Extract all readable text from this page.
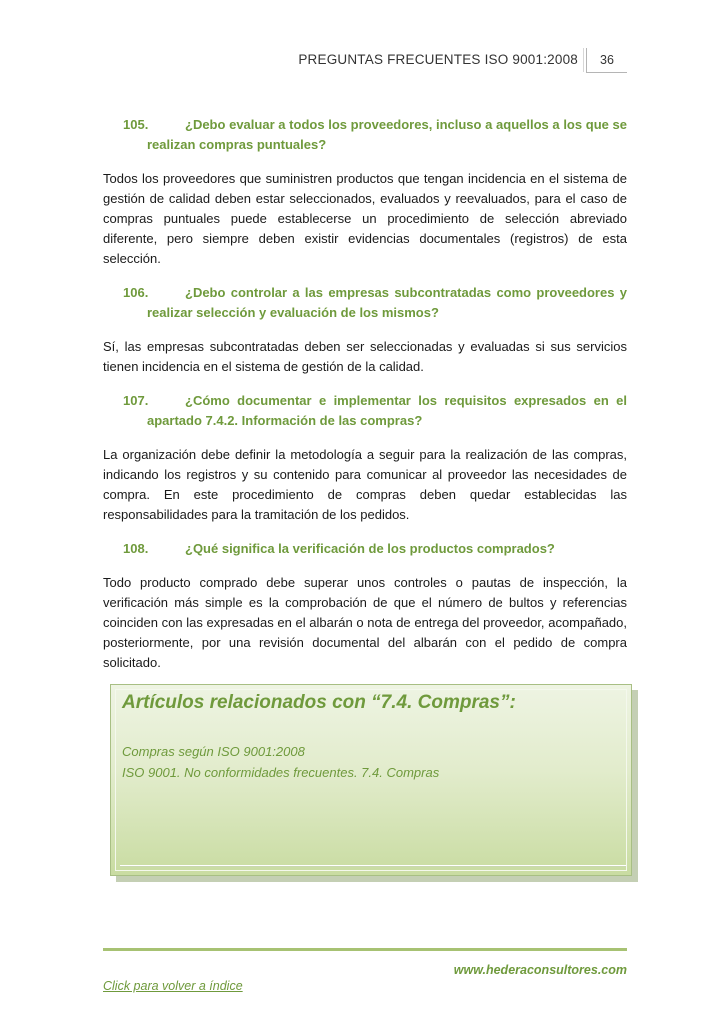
PREGUNTAS FRECUENTES ISO 9001:2008	36
105.	¿Debo evaluar a todos los proveedores, incluso a aquellos a los que se realizan compras puntuales?
Todos los proveedores que suministren productos que tengan incidencia en el sistema de gestión de calidad deben estar seleccionados, evaluados y reevaluados, para el caso de compras puntuales puede establecerse un procedimiento de selección abreviado diferente, pero siempre deben existir evidencias documentales (registros) de esta selección.
106.	¿Debo controlar a las empresas subcontratadas como proveedores y realizar selección y evaluación de los mismos?
Sí, las empresas subcontratadas deben ser seleccionadas y evaluadas si sus servicios tienen incidencia en el sistema de gestión de la calidad.
107.	¿Cómo documentar e implementar los requisitos expresados en el apartado 7.4.2. Información de las compras?
La organización debe definir la metodología a seguir para la realización de las compras, indicando los registros y su contenido para comunicar al proveedor las necesidades de compra. En este procedimiento de compras deben quedar establecidas las responsabilidades para la tramitación de los pedidos.
108.	¿Qué significa la verificación de los productos comprados?
Todo producto comprado debe superar unos controles o pautas de inspección, la verificación más simple es la comprobación de que el número de bultos y referencias coinciden con las expresadas en el albarán o nota de entrega del proveedor, acompañado, posteriormente, por una revisión documental del albarán con el pedido de compra solicitado.
Artículos relacionados con “7.4. Compras”:
Compras según ISO 9001:2008
ISO 9001. No conformidades frecuentes. 7.4. Compras
www.hederaconsultores.com
Click para volver a índice
